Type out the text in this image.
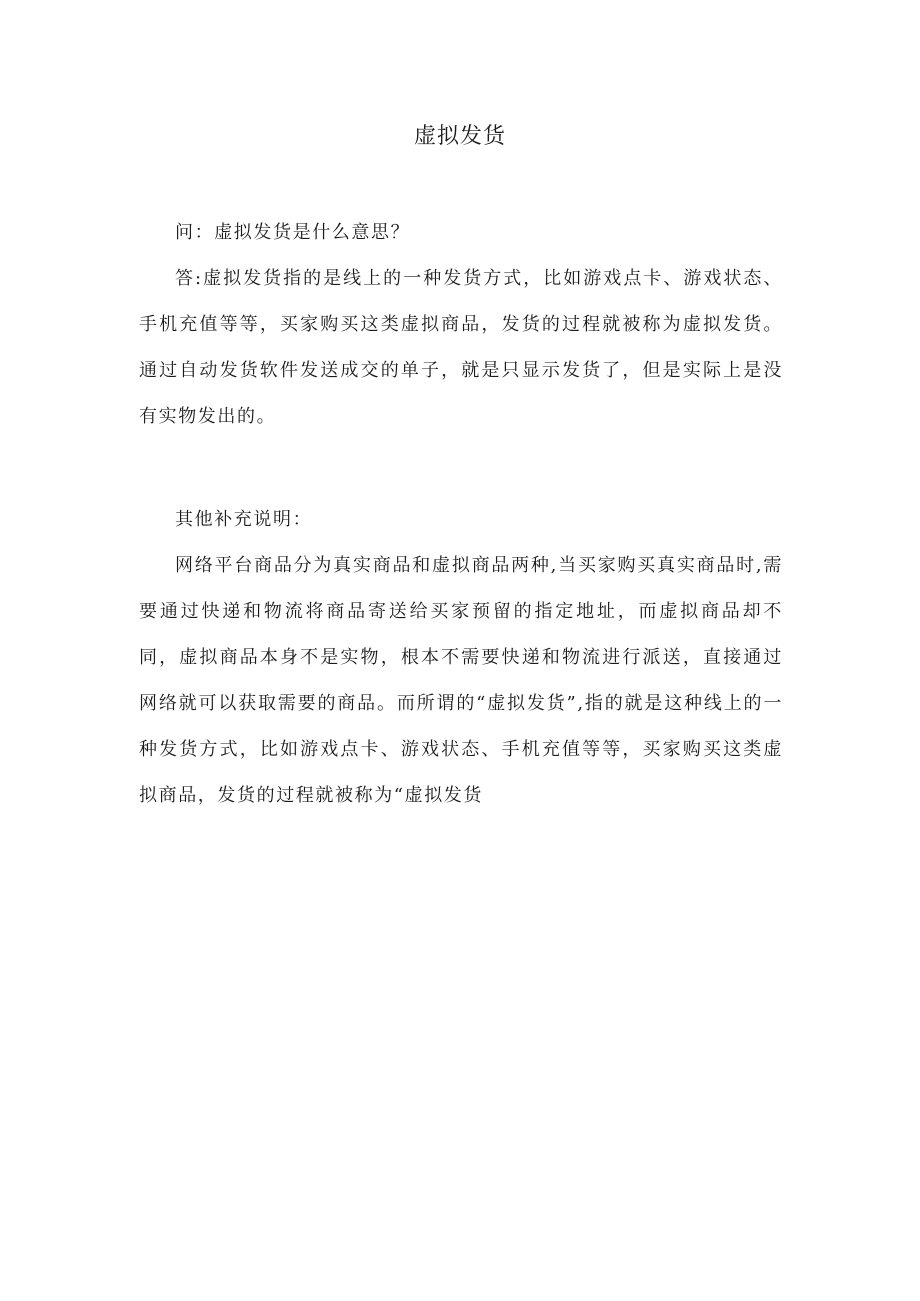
虚拟发货

问：虚拟发货是什么意思？

答:虚拟发货指的是线上的一种发货方式，比如游戏点卡、游戏状态、手机充值等等，买家购买这类虚拟商品，发货的过程就被称为虚拟发货。通过自动发货软件发送成交的单子，就是只显示发货了，但是实际上是没有实物发出的。

其他补充说明：

网络平台商品分为真实商品和虚拟商品两种,当买家购买真实商品时,需要通过快递和物流将商品寄送给买家预留的指定地址，而虚拟商品却不同，虚拟商品本身不是实物，根本不需要快递和物流进行派送，直接通过网络就可以获取需要的商品。而所谓的“虚拟发货”,指的就是这种线上的一种发货方式，比如游戏点卡、游戏状态、手机充值等等，买家购买这类虚拟商品，发货的过程就被称为“虚拟发货
